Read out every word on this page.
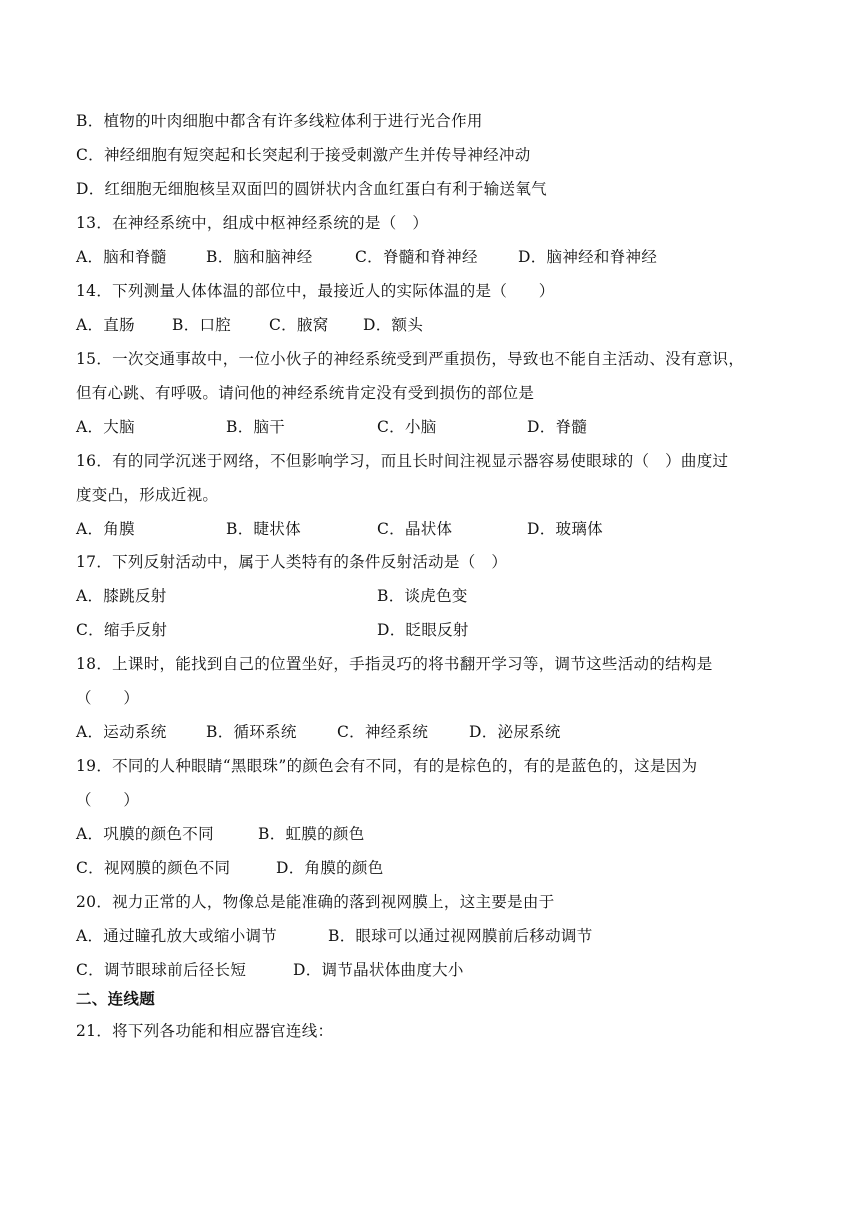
B．植物的叶肉细胞中都含有许多线粒体利于进行光合作用
C．神经细胞有短突起和长突起利于接受刺激产生并传导神经冲动
D．红细胞无细胞核呈双面凹的圆饼状内含血红蛋白有利于输送氧气
13．在神经系统中，组成中枢神经系统的是（　）
A．脑和脊髓	B．脑和脑神经	C．脊髓和脊神经	D．脑神经和脊神经
14．下列测量人体体温的部位中，最接近人的实际体温的是（　　）
A．直肠 B．口腔 C．腋窝 D．额头
15．一次交通事故中，一位小伙子的神经系统受到严重损伤，导致也不能自主活动、没有意识，
但有心跳、有呼吸。请问他的神经系统肯定没有受到损伤的部位是
A．大脑	B．脑干	C．小脑	D．脊髓
16．有的同学沉迷于网络，不但影响学习，而且长时间注视显示器容易使眼球的（　）曲度过
度变凸，形成近视。
A．角膜	B．睫状体	C．晶状体	D．玻璃体
17．下列反射活动中，属于人类特有的条件反射活动是（　）
A．膝跳反射	B．谈虎色变
C．缩手反射	D．眨眼反射
18．上课时，能找到自己的位置坐好，手指灵巧的将书翻开学习等，调节这些活动的结构是
（　　）
A．运动系统	B．循环系统	C．神经系统	D．泌尿系统
19．不同的人种眼睛“黑眼珠”的颜色会有不同，有的是棕色的，有的是蓝色的，这是因为
（　　）
A．巩膜的颜色不同	B．虹膜的颜色
C．视网膜的颜色不同	D．角膜的颜色
20．视力正常的人，物像总是能准确的落到视网膜上，这主要是由于
A．通过瞳孔放大或缩小调节	B．眼球可以通过视网膜前后移动调节
C．调节眼球前后径长短	D．调节晶状体曲度大小
二、连线题
21．将下列各功能和相应器官连线：
